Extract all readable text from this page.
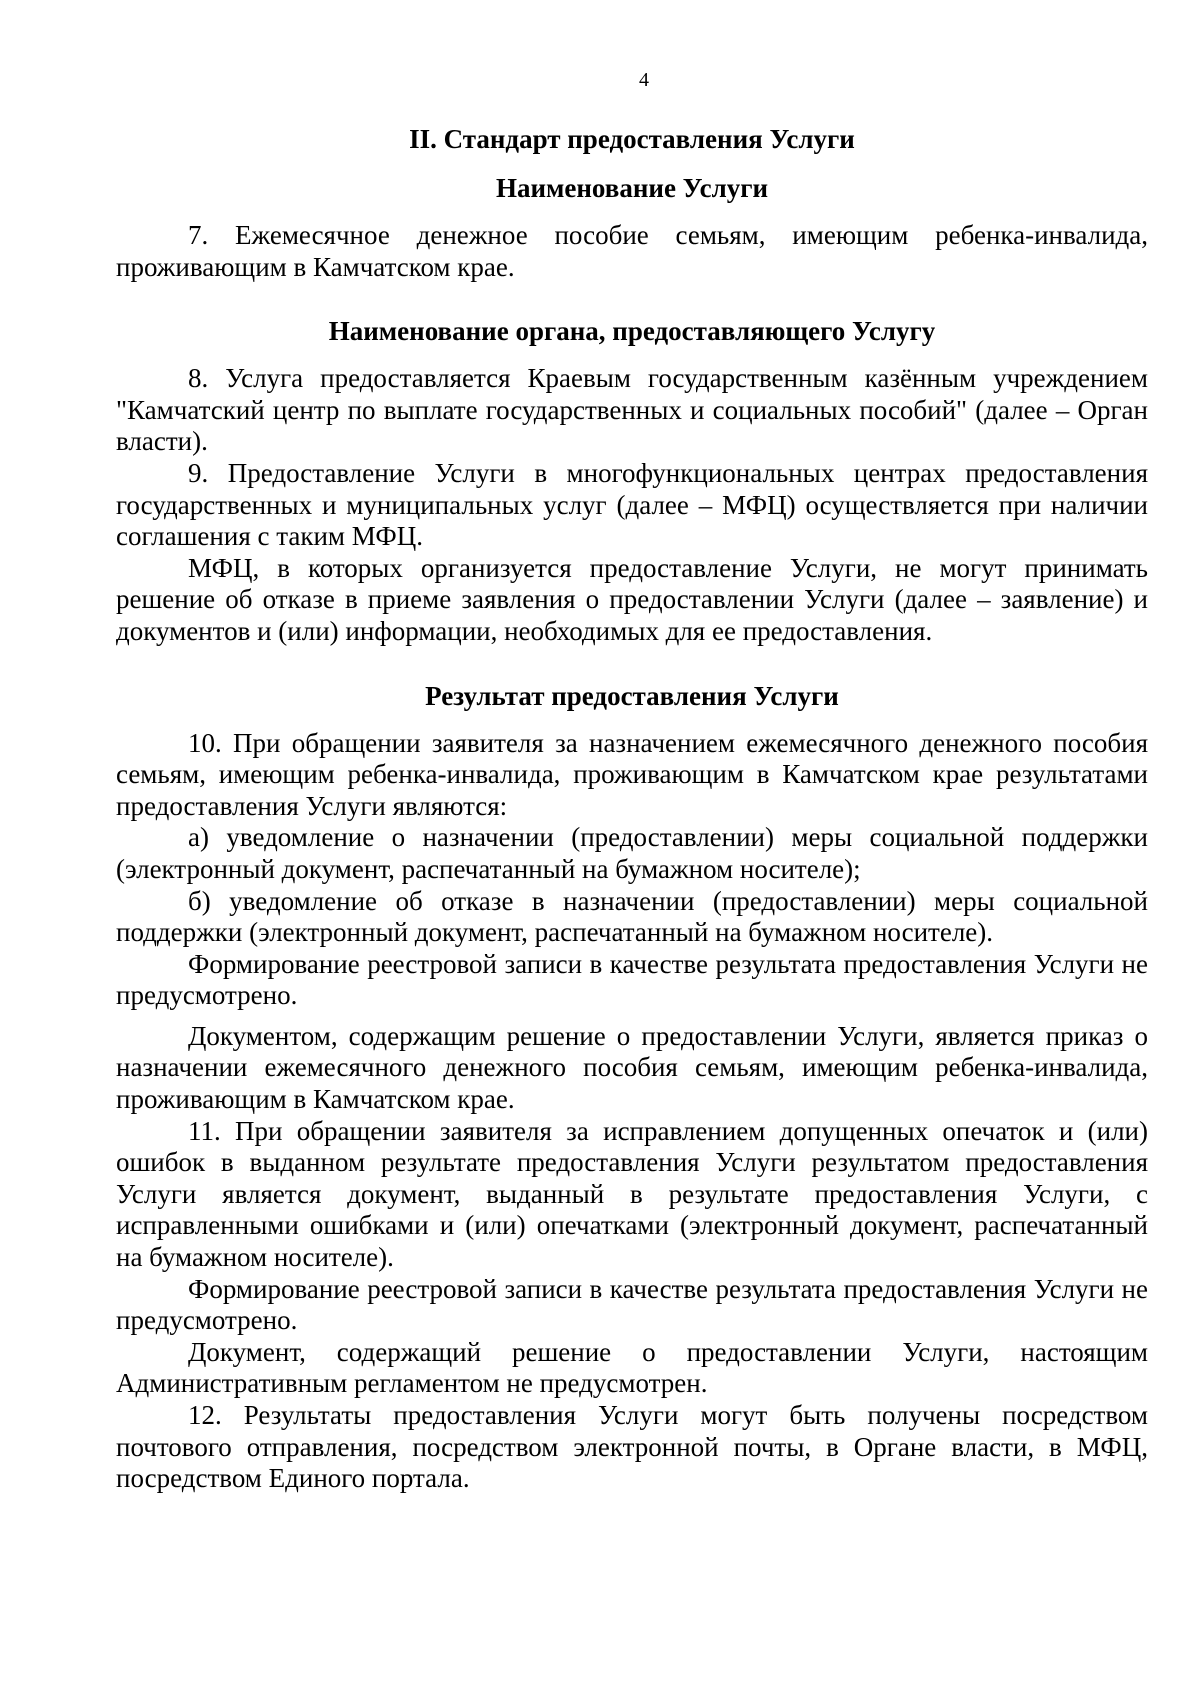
4
II. Стандарт предоставления Услуги
Наименование Услуги

7. Ежемесячное денежное пособие семьям, имеющим ребенка-инвалида, проживающим в Камчатском крае.

Наименование органа, предоставляющего Услугу

8. Услуга предоставляется Краевым государственным казённым учреждением "Камчатский центр по выплате государственных и социальных пособий" (далее – Орган власти).

9. Предоставление Услуги в многофункциональных центрах предоставления государственных и муниципальных услуг (далее – МФЦ) осуществляется при наличии соглашения с таким МФЦ.

МФЦ, в которых организуется предоставление Услуги, не могут принимать решение об отказе в приеме заявления о предоставлении Услуги (далее – заявление) и документов и (или) информации, необходимых для ее предоставления.

Результат предоставления Услуги

10. При обращении заявителя за назначением ежемесячного денежного пособия семьям, имеющим ребенка-инвалида, проживающим в Камчатском крае результатами предоставления Услуги являются:

а) уведомление о назначении (предоставлении) меры социальной поддержки (электронный документ, распечатанный на бумажном носителе);

б) уведомление об отказе в назначении (предоставлении) меры социальной поддержки (электронный документ, распечатанный на бумажном носителе).

Формирование реестровой записи в качестве результата предоставления Услуги не предусмотрено.

Документом, содержащим решение о предоставлении Услуги, является приказ о назначении ежемесячного денежного пособия семьям, имеющим ребенка-инвалида, проживающим в Камчатском крае.

11. При обращении заявителя за исправлением допущенных опечаток и (или) ошибок в выданном результате предоставления Услуги результатом предоставления Услуги является документ, выданный в результате предоставления Услуги, с исправленными ошибками и (или) опечатками (электронный документ, распечатанный на бумажном носителе).

Формирование реестровой записи в качестве результата предоставления Услуги не предусмотрено.

Документ, содержащий решение о предоставлении Услуги, настоящим Административным регламентом не предусмотрен.

12. Результаты предоставления Услуги могут быть получены посредством почтового отправления, посредством электронной почты, в Органе власти, в МФЦ, посредством Единого портала.
